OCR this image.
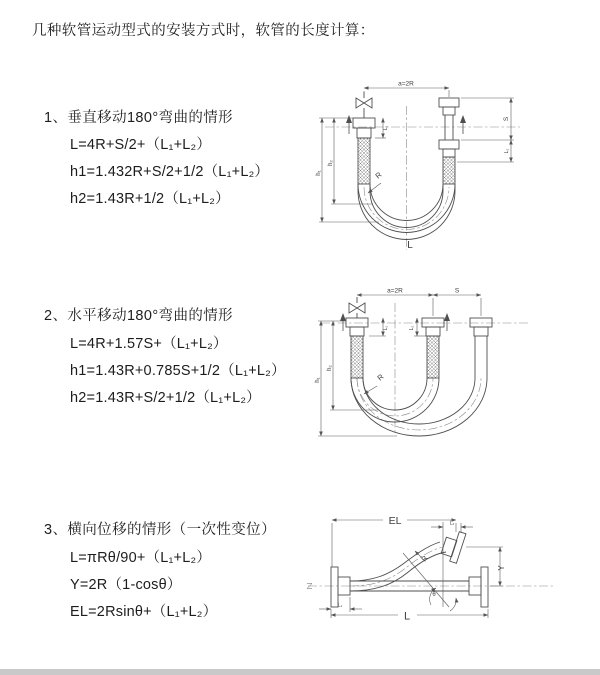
几种软管运动型式的安装方式时，软管的长度计算：
1、垂直移动180°弯曲的情形
L=4R+S/2+（L₁+L₂）
h1=1.432R+S/2+1/2（L₁+L₂）
h2=1.43R+1/2（L₁+L₂）
2、水平移动180°弯曲的情形
L=4R+1.57S+（L₁+L₂）
h1=1.43R+0.785S+1/2（L₁+L₂）
h2=1.43R+S/2+1/2（L₁+L₂）
3、横向位移的情形（一次性变位）
L=πRθ/90+（L₁+L₂）
Y=2R（1-cosθ）
EL=2Rsinθ+（L₁+L₂）
a=2R
h₁
h₂
L₁
S
L₂
R
L
a=2R	S
h₁
h₂
L₁	L₂
R
EL	L₂
Y
L
L₁
θ
R
